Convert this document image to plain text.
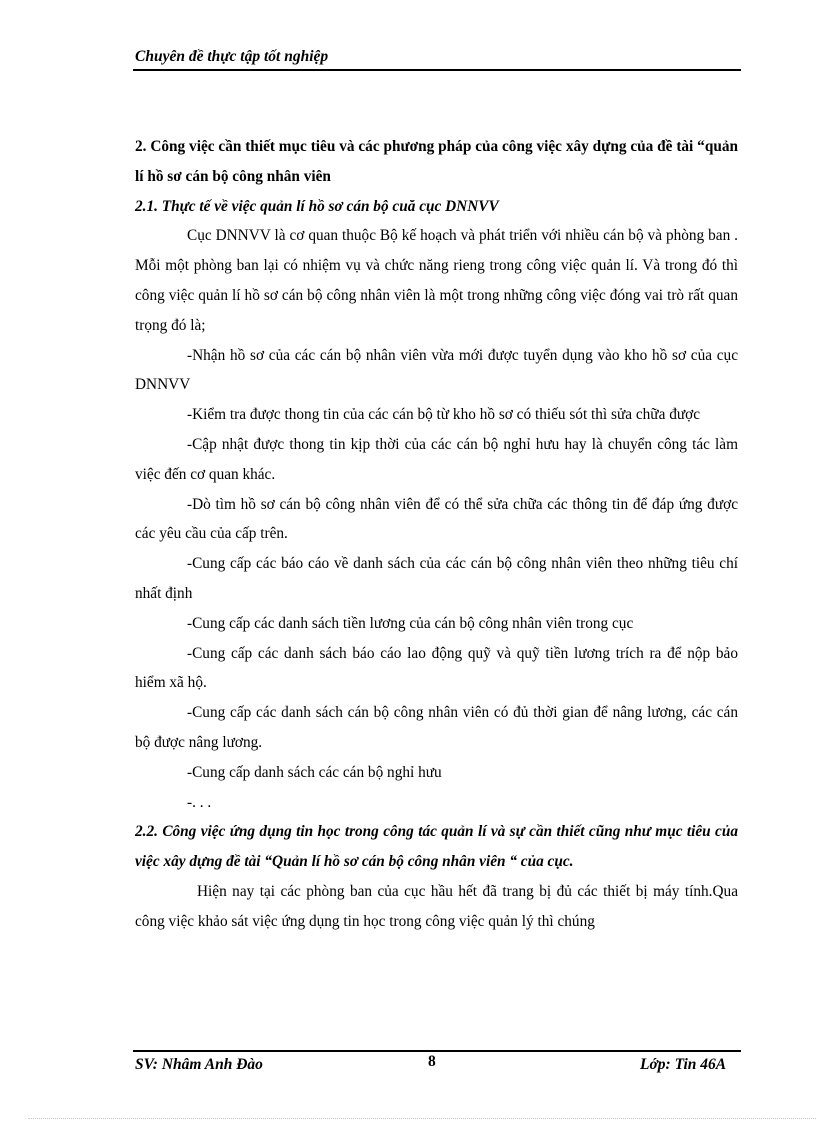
Chuyên đề thực tập tốt nghiệp

2. Công việc cần thiết mục tiêu và các phương pháp của công việc xây dựng của đề tài “quản lí hồ sơ cán bộ công nhân viên

2.1. Thực tế về việc quản lí hồ sơ cán bộ cuă cục DNNVV

Cục DNNVV là cơ quan thuộc Bộ kế hoạch và phát triển với nhiều cán bộ và phòng ban . Mỗi một phòng ban lại có nhiệm vụ và chức năng rieng trong công việc quản lí. Và trong đó thì công việc quản lí hồ sơ cán bộ công nhân viên là một trong những công việc đóng vai trò rất quan trọng đó là;

-Nhận hồ sơ của các cán bộ nhân viên vừa mới được tuyển dụng vào kho hồ sơ của cục DNNVV

-Kiểm tra được thong tin của các cán bộ từ kho hồ sơ có thiếu sót thì sửa chữa được

-Cập nhật được thong tin kịp thời của các cán bộ nghỉ hưu hay là chuyển công tác làm việc đến cơ quan khác.

-Dò tìm hồ sơ cán bộ công nhân viên để có thể sửa chữa các thông tin để đáp ứng được các yêu cầu của cấp trên.

-Cung cấp các báo cáo về danh sách của các cán bộ công nhân viên theo những tiêu chí nhất định

-Cung cấp các danh sách tiền lương của cán bộ công nhân viên trong cục

-Cung cấp các danh sách báo cáo lao động quỹ và quỹ tiền lương trích ra để nộp bảo hiểm xã hộ.

-Cung cấp các danh sách cán bộ công nhân viên có đủ thời gian để nâng lương, các cán bộ được nâng lương.

-Cung cấp danh sách các cán bộ nghỉ hưu

-. . .

2.2. Công việc ứng dụng tin học trong công tác quản lí và sự cần thiết cũng như mục tiêu của việc xây dựng đề tài “Quản lí hồ sơ cán bộ công nhân viên “ của cục.

Hiện nay tại các phòng ban của cục hầu hết đã trang bị đủ các thiết bị máy tính.Qua công việc khảo sát việc ứng dụng tin học trong công việc quản lý thì chúng

SV: Nhâm Anh Đào	8	Lớp: Tin 46A
